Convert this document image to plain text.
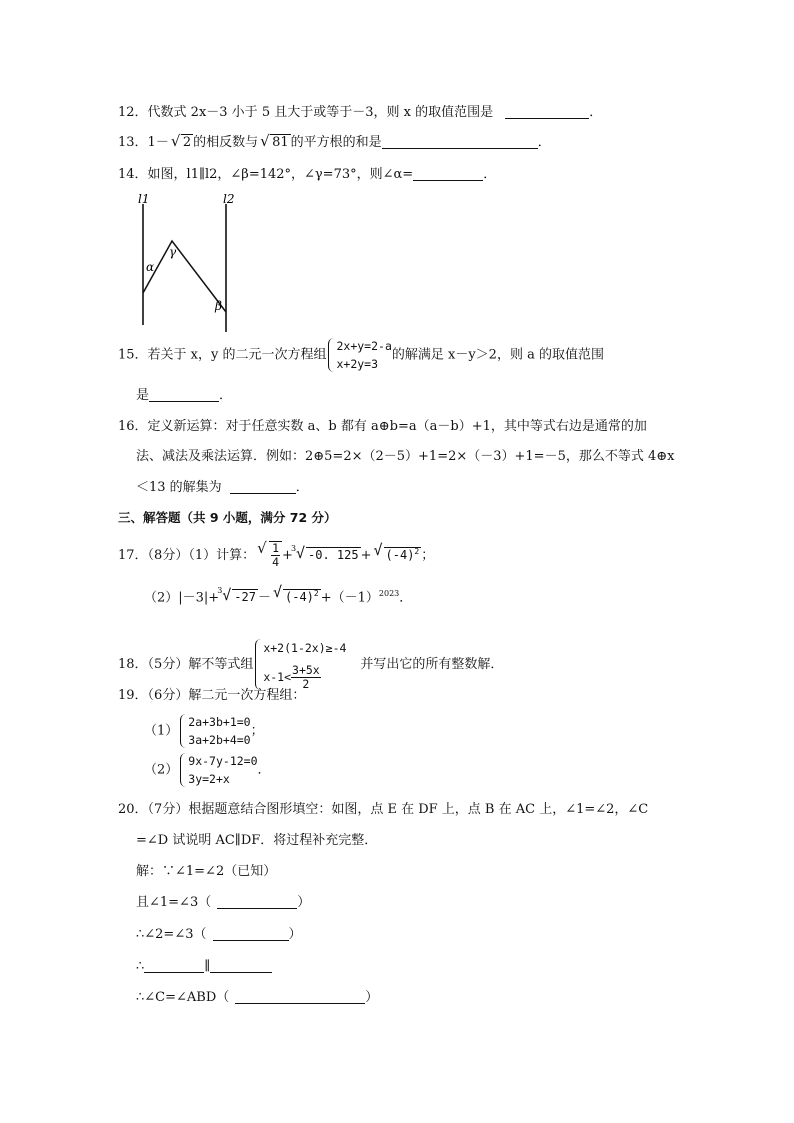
12．代数式 2x－3 小于 5 且大于或等于－3，则 x 的取值范围是	．
13．1－√ 2 的相反数与√ 81 的平方根的和是	．
14．如图，l1∥l2，∠β=142°，∠γ=73°，则∠α=	．
l1	l2
α
γ
β
15．若关于 x，y 的二元一次方程组
2x+y=2-a
x+2y=3
的解满足 x－y＞2，则 a 的取值范围
是	．
16．定义新运算：对于任意实数 a、b 都有 a⊕b=a（a－b）+1，其中等式右边是通常的加
法、减法及乘法运算．例如：2⊕5=2×（2－5）+1=2×（－3）+1=－5，那么不等式 4⊕x
＜13 的解集为	．
三、解答题（共 9 小题，满分 72 分）
17．（8分）（1）计算：
√ $\frac{1}{4} +^3√$ -0. 125 +√ $(-4)^2$ ；
（2）|－3|+$^3$√ -27 －√ $(-4)^2 +(-1)^{2023}$．
18．（5分）解不等式组
x+2(1-2x)≥-4
$x-1< \frac{3+5x}{2}$	并写出它的所有整数解．
19．（6分）解二元一次方程组：
（1）
2a+3b+1=0
3a+2b+4=0
；
（2）
9x-7y-12=0
3y=2+x
．
20．（7分）根据题意结合图形填空：如图，点 E 在 DF 上，点 B 在 AC 上，∠1=∠2，∠C
=∠D 试说明 AC∥DF．将过程补充完整．
解：∵∠1=∠2（已知）
且∠1=∠3（	）
∴∠2=∠3（	）
∴	∥
∴∠C=∠ABD（	）
